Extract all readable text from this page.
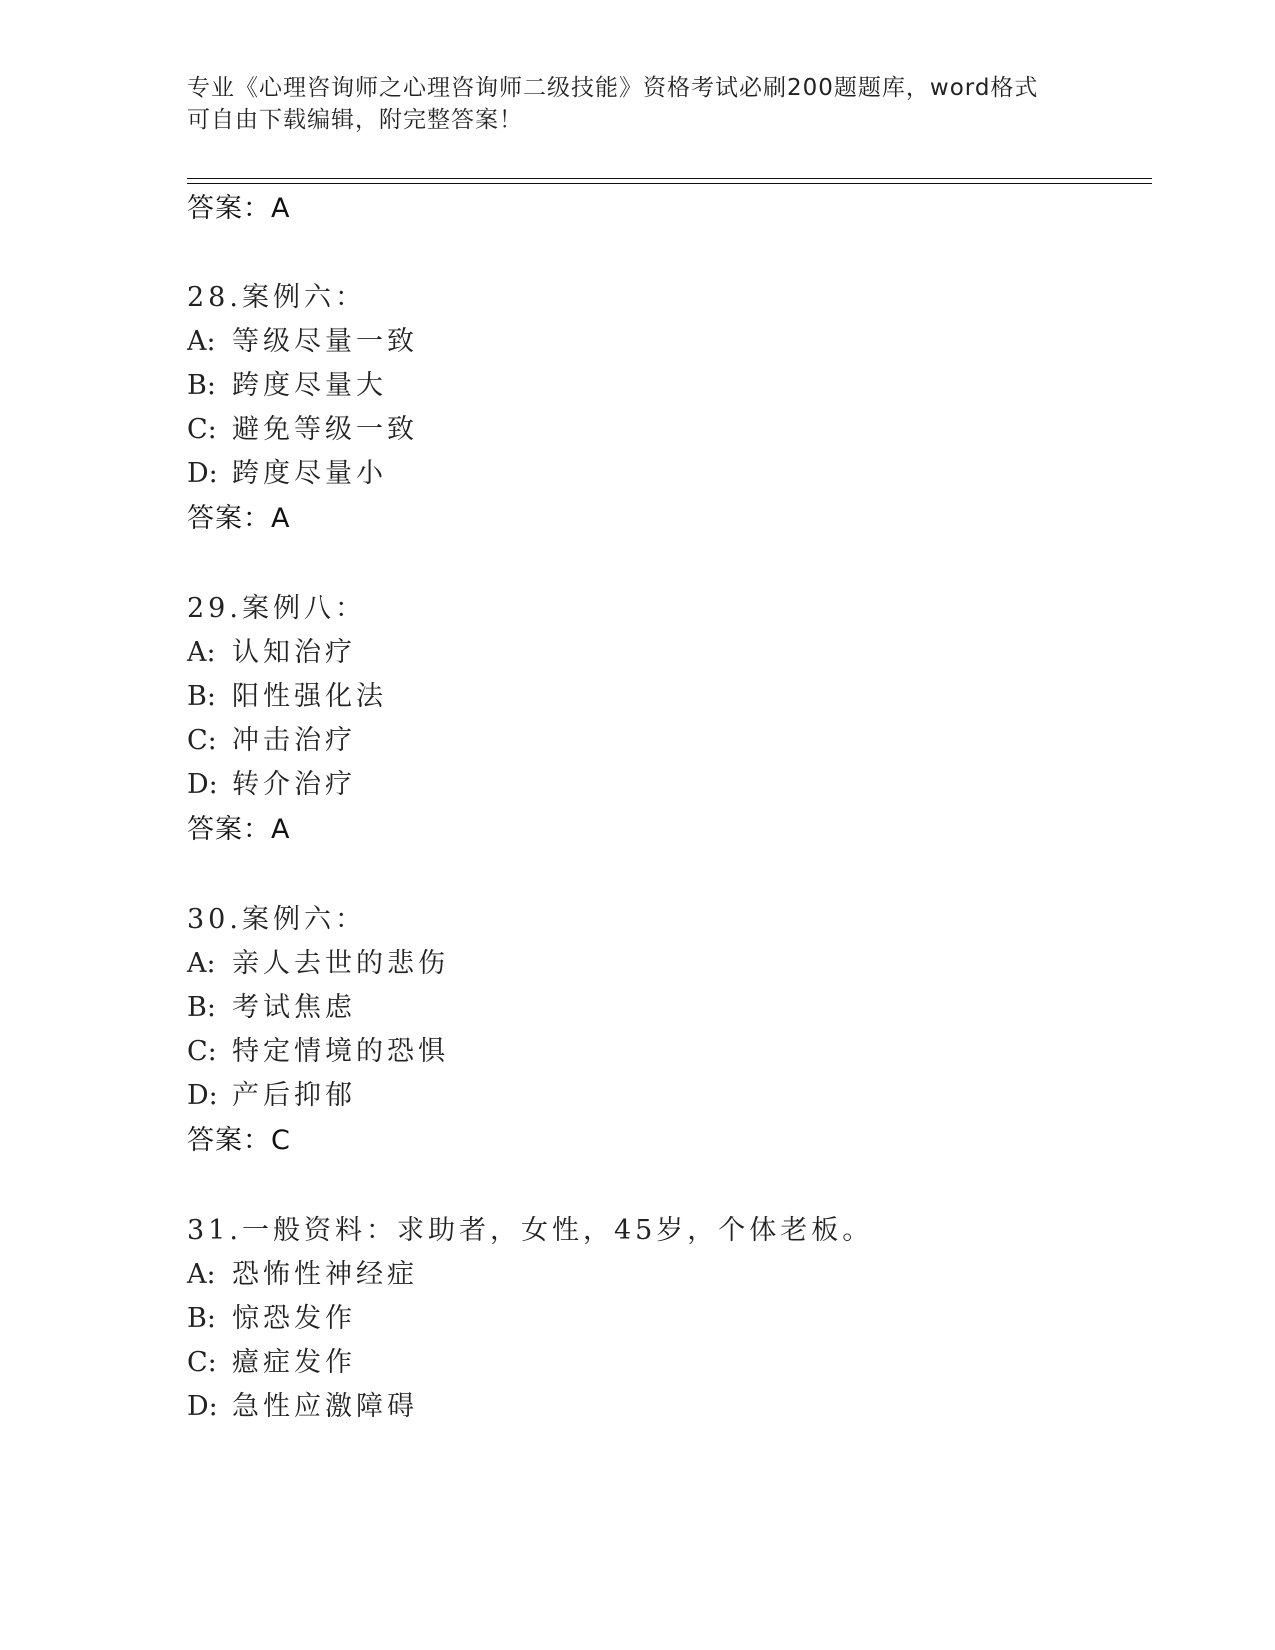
专业《心理咨询师之心理咨询师二级技能》资格考试必刷200题题库，word格式
可自由下载编辑，附完整答案！
答案：A
28.案例六：
A: 等级尽量一致
B: 跨度尽量大
C: 避免等级一致
D: 跨度尽量小
答案：A
29.案例八：
A: 认知治疗
B: 阳性强化法
C: 冲击治疗
D: 转介治疗
答案：A
30.案例六：
A: 亲人去世的悲伤
B: 考试焦虑
C: 特定情境的恐惧
D: 产后抑郁
答案：C
31.一般资料：求助者，女性，45岁，个体老板。
A: 恐怖性神经症
B: 惊恐发作
C: 癔症发作
D: 急性应激障碍
